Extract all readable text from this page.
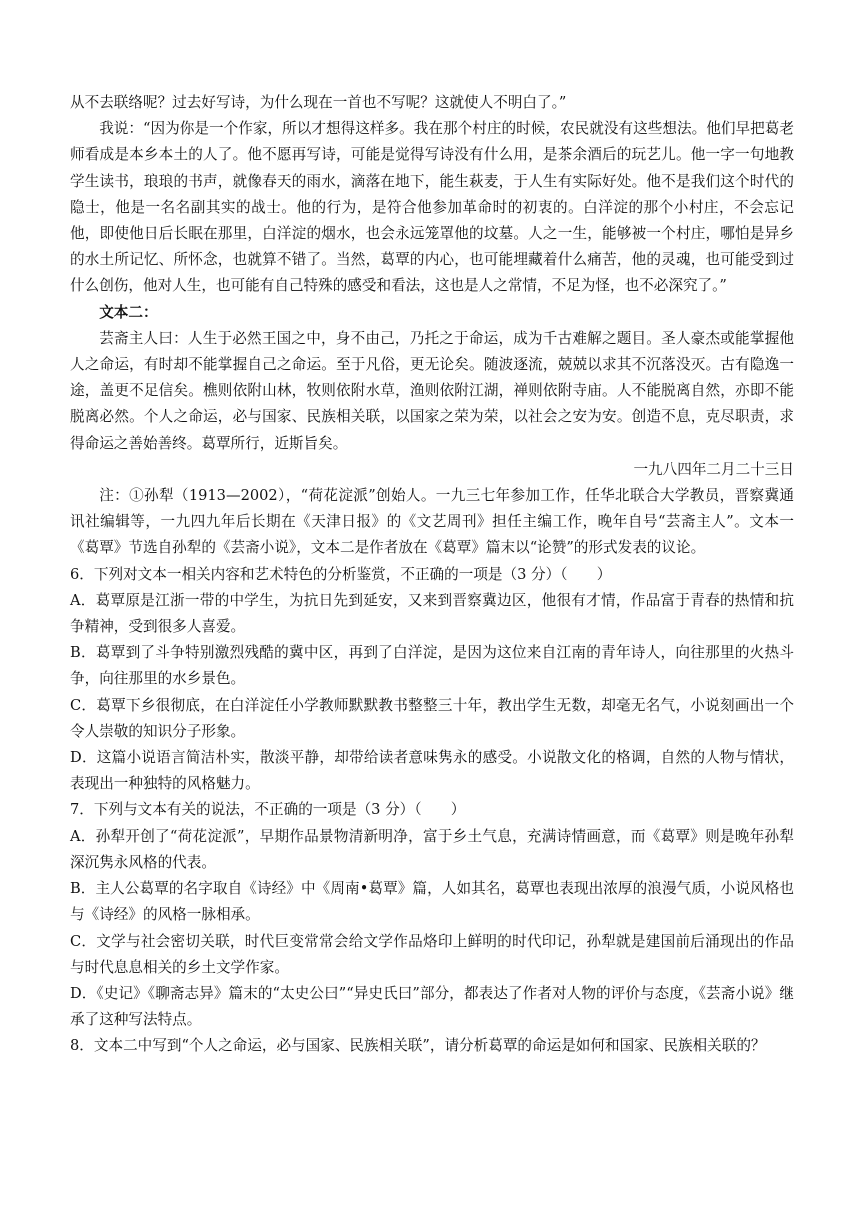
从不去联络呢？过去好写诗，为什么现在一首也不写呢？这就使人不明白了。”

我说：“因为你是一个作家，所以才想得这样多。我在那个村庄的时候，农民就没有这些想法。他们早把葛老师看成是本乡本土的人了。他不愿再写诗，可能是觉得写诗没有什么用，是茶余酒后的玩艺儿。他一字一句地教学生读书，琅琅的书声，就像春天的雨水，滴落在地下，能生萩麦，于人生有实际好处。他不是我们这个时代的隐士，他是一名名副其实的战士。他的行为，是符合他参加革命时的初衷的。白洋淀的那个小村庄，不会忘记他，即使他日后长眠在那里，白洋淀的烟水，也会永远笼罩他的坟墓。人之一生，能够被一个村庄，哪怕是异乡的水土所记忆、所怀念，也就算不错了。当然，葛覃的内心，也可能埋藏着什么痛苦，他的灵魂，也可能受到过什么创伤，他对人生，也可能有自己特殊的感受和看法，这也是人之常情，不足为怪，也不必深究了。”

文本二：

芸斋主人曰：人生于必然王国之中，身不由己，乃托之于命运，成为千古难解之题目。圣人豪杰或能掌握他人之命运，有时却不能掌握自己之命运。至于凡俗，更无论矣。随波逐流，兢兢以求其不沉落没灭。古有隐逸一途，盖更不足信矣。樵则依附山林，牧则依附水草，渔则依附江湖，禅则依附寺庙。人不能脱离自然，亦即不能脱离必然。个人之命运，必与国家、民族相关联，以国家之荣为荣，以社会之安为安。创造不息，克尽职责，求得命运之善始善终。葛覃所行，近斯旨矣。

一九八四年二月二十三日

注：①孙犁（1913—2002），“荷花淀派”创始人。一九三七年参加工作，任华北联合大学教员，晋察冀通讯社编辑等，一九四九年后长期在《天津日报》的《文艺周刊》担任主编工作，晚年自号“芸斋主人”。文本一《葛覃》节选自孙犁的《芸斋小说》，文本二是作者放在《葛覃》篇末以“论赞”的形式发表的议论。

6．下列对文本一相关内容和艺术特色的分析鉴赏，不正确的一项是（3 分）（　　）

A．葛覃原是江浙一带的中学生，为抗日先到延安，又来到晋察冀边区，他很有才情，作品富于青春的热情和抗争精神，受到很多人喜爱。

B．葛覃到了斗争特别激烈残酷的冀中区，再到了白洋淀，是因为这位来自江南的青年诗人，向往那里的火热斗争，向往那里的水乡景色。

C．葛覃下乡很彻底，在白洋淀任小学教师默默教书整整三十年，教出学生无数，却毫无名气，小说刻画出一个令人崇敬的知识分子形象。

D．这篇小说语言简洁朴实，散淡平静，却带给读者意味隽永的感受。小说散文化的格调，自然的人物与情状，表现出一种独特的风格魅力。

7．下列与文本有关的说法，不正确的一项是（3 分）（　　）

A．孙犁开创了“荷花淀派”，早期作品景物清新明净，富于乡土气息，充满诗情画意，而《葛覃》则是晚年孙犁深沉隽永风格的代表。

B．主人公葛覃的名字取自《诗经》中《周南•葛覃》篇，人如其名，葛覃也表现出浓厚的浪漫气质，小说风格也与《诗经》的风格一脉相承。

C．文学与社会密切关联，时代巨变常常会给文学作品烙印上鲜明的时代印记，孙犁就是建国前后涌现出的作品与时代息息相关的乡土文学作家。

D．《史记》《聊斋志异》篇末的“太史公曰”“异史氏曰”部分，都表达了作者对人物的评价与态度，《芸斋小说》继承了这种写法特点。

8．文本二中写到“个人之命运，必与国家、民族相关联”，请分析葛覃的命运是如何和国家、民族相关联的？
